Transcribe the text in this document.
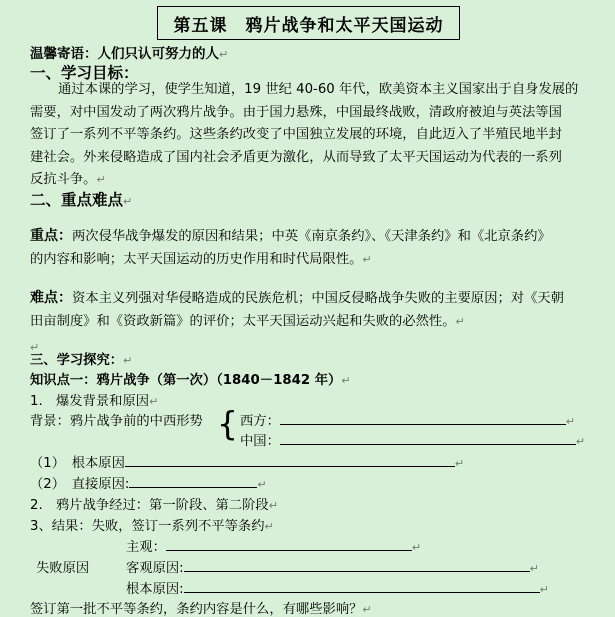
第五课　鸦片战争和太平天国运动
温馨寄语：人们只认可努力的人↵
一、学习目标：
通过本课的学习，使学生知道，19 世纪 40-60 年代，欧美资本主义国家出于自身发展的
需要，对中国发动了两次鸦片战争。由于国力悬殊，中国最终战败，清政府被迫与英法等国
签订了一系列不平等条约。这些条约改变了中国独立发展的环境，自此迈入了半殖民地半封
建社会。外来侵略造成了国内社会矛盾更为激化，从而导致了太平天国运动为代表的一系列
反抗斗争。↵
二、重点难点↵
重点：两次侵华战争爆发的原因和结果；中英《南京条约》、《天津条约》和《北京条约》
的内容和影响；太平天国运动的历史作用和时代局限性。↵
难点：资本主义列强对华侵略造成的民族危机；中国反侵略战争失败的主要原因；对《天朝
田亩制度》和《资政新篇》的评价；太平天国运动兴起和失败的必然性。↵
↵
三、学习探究：↵
知识点一：鸦片战争（第一次）（1840－1842 年）↵
1.　爆发背景和原因↵
背景：鸦片战争前的中西形势 { 西方：	↵
中国：	↵
（1）　根本原因	↵
（2）　直接原因:	↵
2.　鸦片战争经过：第一阶段、第二阶段↵
3、结果：失败，签订一系列不平等条约↵
主观：	↵
失败原因	客观原因:	↵
根本原因:	↵
签订第一批不平等条约，条约内容是什么，有哪些影响？↵
